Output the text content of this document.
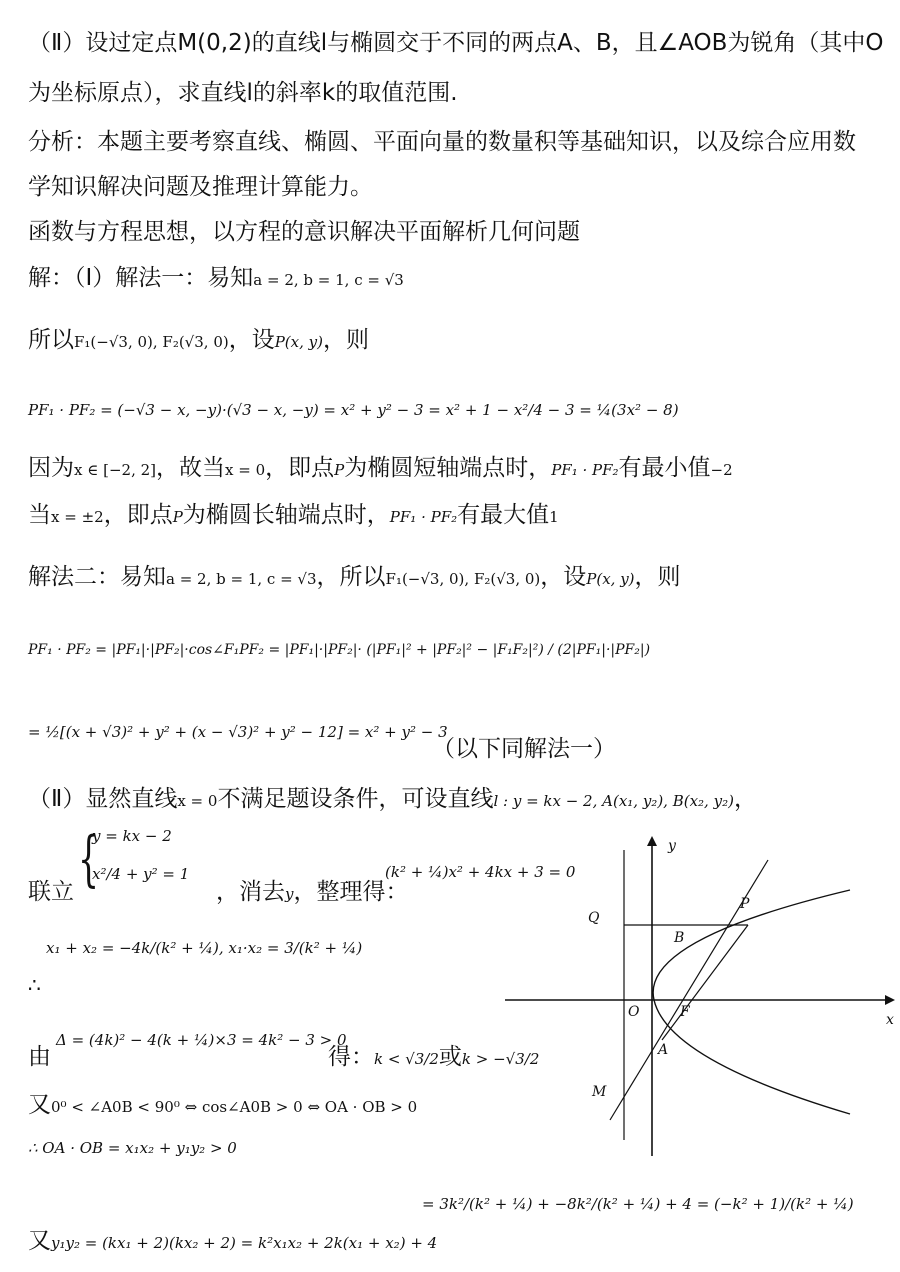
（Ⅱ）设过定点M(0,2)的直线l与椭圆交于不同的两点A、B，且∠AOB为锐角（其中O
为坐标原点），求直线l的斜率k的取值范围.
分析：本题主要考察直线、椭圆、平面向量的数量积等基础知识，以及综合应用数
学知识解决问题及推理计算能力。
函数与方程思想，以方程的意识解决平面解析几何问题
解：（Ⅰ）解法一：易知a = 2, b = 1, c = √3
所以F₁(−√3, 0), F₂(√3, 0)，设P(x, y)，则
PF₁ · PF₂ = (−√3 − x, −y)·(√3 − x, −y) = x² + y² − 3 = x² + 1 − x²/4 − 3 = ¼(3x² − 8)
因为x ∈ [−2, 2]，故当x = 0，即点P为椭圆短轴端点时，PF₁ · PF₂有最小值−2
当x = ±2，即点P为椭圆长轴端点时，PF₁ · PF₂有最大值1
解法二：易知a = 2, b = 1, c = √3，所以F₁(−√3, 0), F₂(√3, 0)，设P(x, y)，则
PF₁ · PF₂ = |PF₁|·|PF₂|·cos∠F₁PF₂ = |PF₁|·|PF₂|· (|PF₁|² + |PF₂|² − |F₁F₂|²) / (2|PF₁|·|PF₂|)
= ½[(x + √3)² + y² + (x − √3)² + y² − 12] = x² + y² − 3
（以下同解法一）
（Ⅱ）显然直线x = 0不满足题设条件，可设直线l : y = kx − 2, A(x₁, y₂), B(x₂, y₂)，
{
y = kx − 2
x²/4 + y² = 1
联立	，消去y，整理得：
(k² + ¼)x² + 4kx + 3 = 0
x₁ + x₂ = −4k/(k² + ¼), x₁·x₂ = 3/(k² + ¼)
∴
由
Δ = (4k)² − 4(k + ¼)×3 = 4k² − 3 > 0
得：k < √3/2或k > −√3/2
又0⁰ < ∠A0B < 90⁰ ⇔ cos∠A0B > 0 ⇔ OA · OB > 0
∴ OA · OB = x₁x₂ + y₁y₂ > 0
= 3k²/(k² + ¼) + −8k²/(k² + ¼) + 4 = (−k² + 1)/(k² + ¼)
又y₁y₂ = (kx₁ + 2)(kx₂ + 2) = k²x₁x₂ + 2k(x₁ + x₂) + 4
y
x
O	F
A
B
P
Q
M
